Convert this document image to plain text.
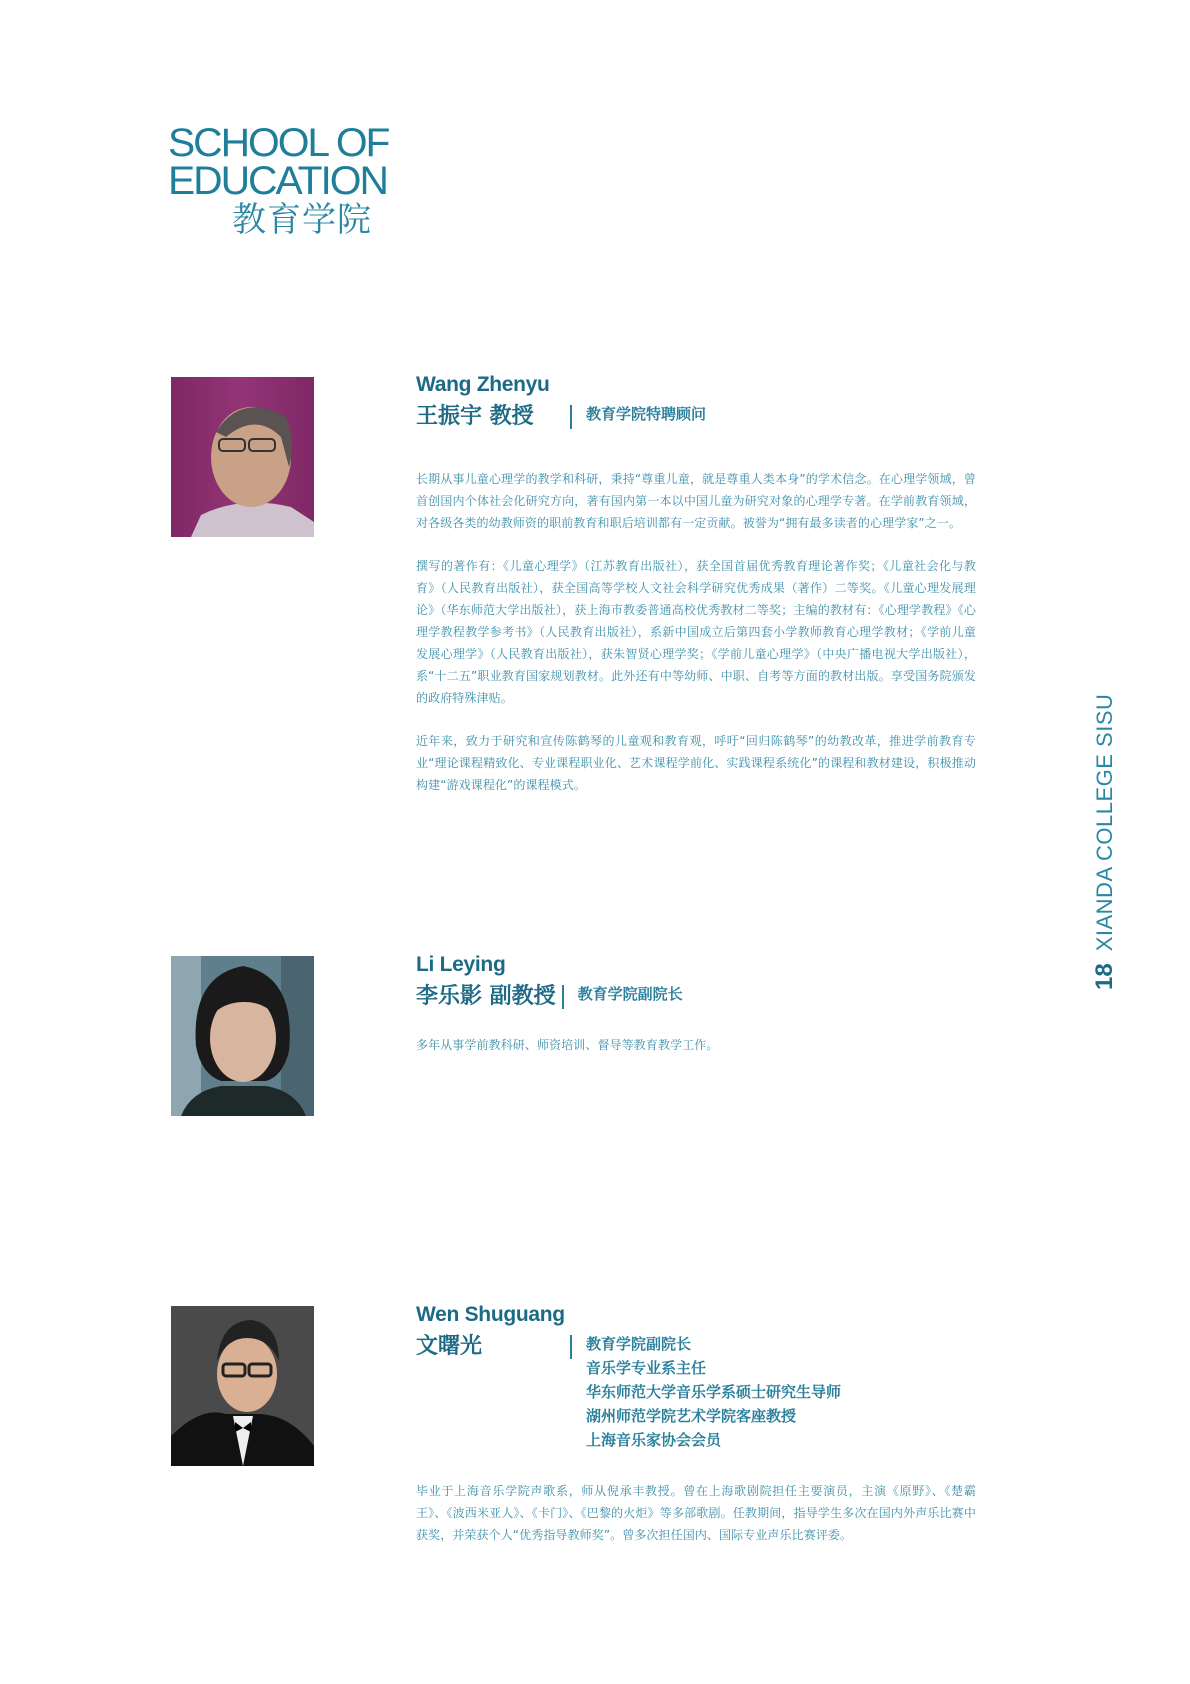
SCHOOL OF
EDUCATION
教育学院
18
XIANDA COLLEGE SISU
Wang Zhenyu
王振宇 教授	教育学院特聘顾问

长期从事儿童心理学的教学和科研，秉持“尊重儿童，就是尊重人类本身”的学术信念。在心理学领域，曾首创国内个体社会化研究方向，著有国内第一本以中国儿童为研究对象的心理学专著。在学前教育领域，对各级各类的幼教师资的职前教育和职后培训都有一定贡献。被誉为“拥有最多读者的心理学家”之一。

撰写的著作有：《儿童心理学》（江苏教育出版社），获全国首届优秀教育理论著作奖；《儿童社会化与教育》（人民教育出版社），获全国高等学校人文社会科学研究优秀成果（著作）二等奖。《儿童心理发展理论》（华东师范大学出版社），获上海市教委普通高校优秀教材二等奖；主编的教材有：《心理学教程》《心理学教程教学参考书》（人民教育出版社），系新中国成立后第四套小学教师教育心理学教材；《学前儿童发展心理学》（人民教育出版社），获朱智贤心理学奖；《学前儿童心理学》（中央广播电视大学出版社），系“十二五”职业教育国家规划教材。此外还有中等幼师、中职、自考等方面的教材出版。享受国务院颁发的政府特殊津贴。

近年来，致力于研究和宣传陈鹤琴的儿童观和教育观，呼吁“回归陈鹤琴”的幼教改革，推进学前教育专业“理论课程精致化、专业课程职业化、艺术课程学前化、实践课程系统化”的课程和教材建设，积极推动构建“游戏课程化”的课程模式。

Li Leying
李乐影 副教授 教育学院副院长

多年从事学前教科研、师资培训、督导等教育教学工作。

Wen Shuguang
文曙光	教育学院副院长
音乐学专业系主任
华东师范大学音乐学系硕士研究生导师
湖州师范学院艺术学院客座教授
上海音乐家协会会员

毕业于上海音乐学院声歌系，师从倪承丰教授。曾在上海歌剧院担任主要演员，主演《原野》、《楚霸王》、《波西米亚人》、《卡门》、《巴黎的火炬》等多部歌剧。任教期间，指导学生多次在国内外声乐比赛中获奖，并荣获个人“优秀指导教师奖”。曾多次担任国内、国际专业声乐比赛评委。
